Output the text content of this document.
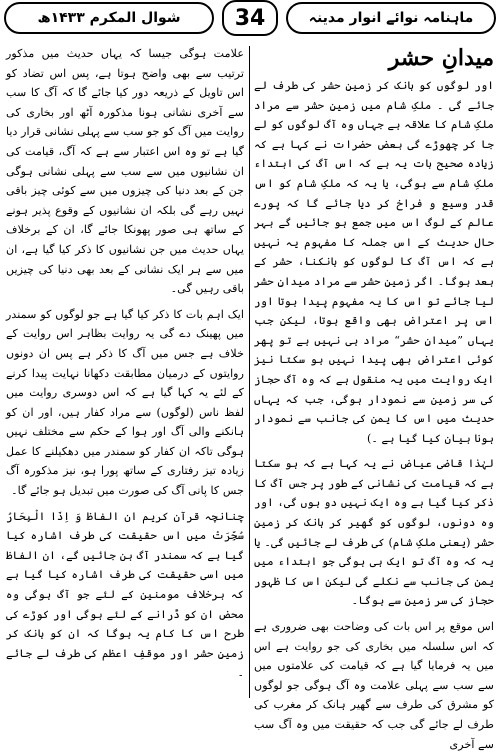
ماہنامہ نوائے انوار مدینہ
34
شوال المکرم ۱۴۳۳ھ
میدانِ حشر

اور لوگوں کو ہانک کر زمینِ حشر کی طرف لے جائے گی ۔ ملکِ شام میں زمینِ حشر سے مراد ملکِ شام کا علاقہ ہے جہاں وہ آگ لوگوں کو لے جا کر چھوڑے گی بعض حضرات نے کہا ہے کہ زیادہ صحیح بات یہ ہے کہ اس آگ کی ابتداء ملکِ شام سے ہوگی، یا یہ کہ ملکِ شام کو اس قدر وسیع و فراخ کر دیا جائے گا کہ پورے عالم کے لوگ اس میں جمع ہو جائیں گے بہر حال حدیث کے اس جملہ کا مفہوم یہ نہیں ہے کہ اس آگ کا لوگوں کو ہانکنا، حشر کے بعد ہوگا۔ اگر زمینِ حشر سے مراد میدانِ حشر لیا جائے تو اس کا یہ مفہوم پیدا ہوتا اور اس پر اعتراض بھی واقع ہوتا، لیکن جب یہاں ”میدانِ حشر“ مراد ہی نہیں ہے تو پھر کوئی اعتراض بھی پیدا نہیں ہو سکتا نیز ایک روایت میں یہ منقول ہے کہ وہ آگ حجاز کی سر زمین سے نمودار ہوگی، جب کہ یہاں حدیث میں اس کا یمن کی جانب سے نمودار ہونا بیان کیا گیا ہے ۔)

لہٰذا قاضی عیاض نے یہ کہا ہے کہ ہو سکتا ہے کہ قیامت کی نشانی کے طور پر جس آگ کا ذکر کیا گیا ہے وہ ایک نہیں دو ہوں گی، اور وہ دونوں، لوگوں کو گھیر کر ہانک کر زمینِ حشر (یعنی ملکِ شام) کی طرف لے جائیں گی۔ یا یہ کہ وہ آگ تو ایک ہی ہوگی جو ابتداء میں یمن کی جانب سے نکلے گی لیکن اس کا ظہور حجاز کی سر زمین سے ہوگا۔

اس موقع پر اس بات کی وضاحت بھی ضروری ہے کہ اس سلسلہ میں بخاری کی جو روایت ہے اس میں یہ فرمایا گیا ہے کہ قیامت کی علامتوں میں سے سب سے پہلی علامت وہ آگ ہوگی جو لوگوں کو مشرق کی طرف سے گھیر ہانک کر مغرب کی طرف لے جائے گی جب کہ حقیقت میں وہ آگ سب سے آخری

علامت ہوگی جیسا کہ یہاں حدیث میں مذکور ترتیب سے بھی واضح ہوتا ہے، پس اس تضاد کو اس تاویل کے ذریعہ دور کیا جائے گا کہ آگ کا سب سے آخری نشانی ہونا مذکورہ آٹھ اور بخاری کی روایت میں آگ کو جو سب سے پہلی نشانی قرار دیا گیا ہے تو وہ اس اعتبار سے ہے کہ آگ، قیامت کی ان نشانیوں میں سے سب سے پہلی نشانی ہوگی جن کے بعد دنیا کی چیزوں میں سے کوئی چیز باقی نہیں رہے گی بلکہ ان نشانیوں کے وقوع پذیر ہونے کے ساتھ ہی صور پھونکا جائے گا، ان کے برخلاف یہاں حدیث میں جن نشانیوں کا ذکر کیا گیا ہے، ان میں سے ہر ایک نشانی کے بعد بھی دنیا کی چیزیں باقی رہیں گی۔

ایک اہم بات کا ذکر کیا گیا ہے جو لوگوں کو سمندر میں پھینک دے گی یہ روایت بظاہر اس روایت کے خلاف ہے جس میں آگ کا ذکر ہے پس ان دونوں روایتوں کے درمیان مطابقت دکھانا نہایت پیدا کرنے کے لئے یہ کہا گیا ہے کہ اس دوسری روایت میں لفظ ناس (لوگوں) سے مراد کفار ہیں، اور ان کو ہانکنے والی آگ اور ہوا کے حکم سے مختلف نہیں ہوگی تاکہ ان کفار کو سمندر میں دھکیلنے کا عمل زیادہ تیز رفتاری کے ساتھ پورا ہو، نیز مذکورہ آگ جس کا پانی آگ کی صورت میں تبدیل ہو جائے گا۔

چنانچہ قرآن کریم ان الفاظ وَ اِذَا الْبِحَارُ سُجِّرَتْ میں اس حقیقت کی طرف اشارہ کیا گیا ہے کہ سمندر آگ بن جائیں گے، ان الفاظ میں اسی حقیقت کی طرف اشارہ کیا گیا ہے کہ برخلاف مومنین کے لئے جو آگ ہوگی وہ محض ان کو ڈرانے کے لئے ہوگی اور کوڑے کی طرح اس کا کام یہ ہوگا کہ ان کو ہانک کر زمینِ حشر اور موقفِ اعظم کی طرف لے جائے ۔
